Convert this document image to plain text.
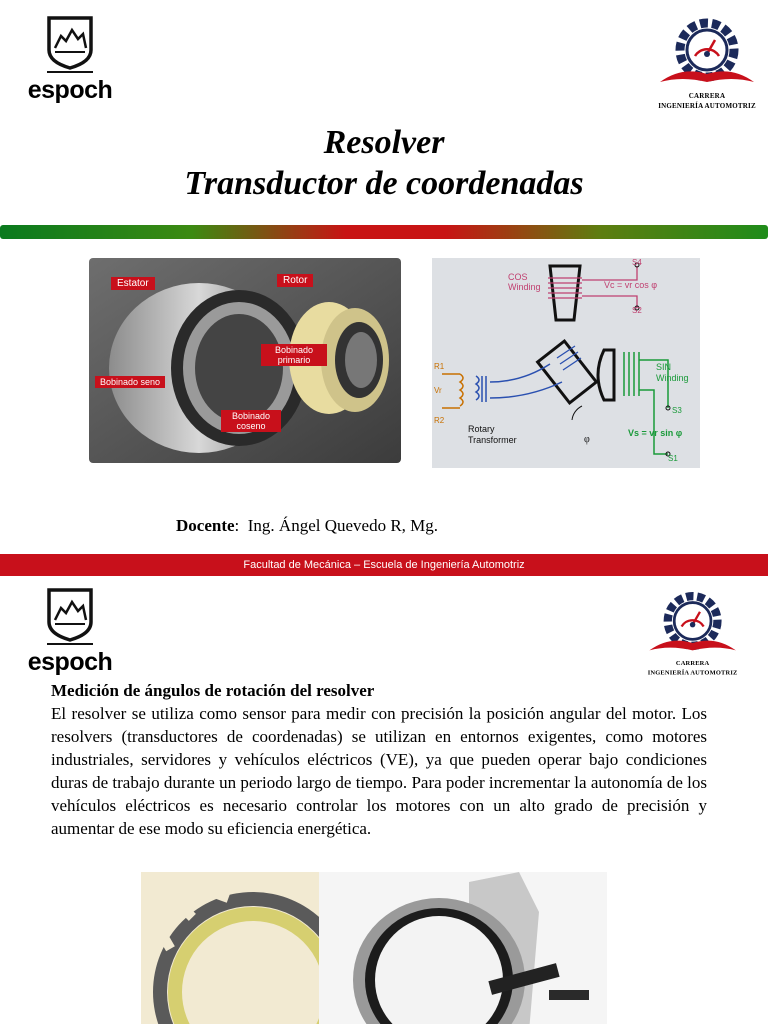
espoch	CARRERA
INGENIERÍA AUTOMOTRIZ
Resolver
Transductor de coordenadas
Estator	Rotor
Bobinado primario
Bobinado seno
Bobinado coseno
S4
COS Winding	Vc = vr cos φ
S2
R1
Vr
R2
SIN Winding
S3
Vs = vr sin φ
S1
Rotary Transformer	φ
Docente:  Ing. Ángel Quevedo R, Mg.
Facultad de Mecánica – Escuela de Ingeniería Automotriz
espoch	CARRERA
INGENIERÍA AUTOMOTRIZ
Medición de ángulos de rotación del resolver
El resolver se utiliza como sensor para medir con precisión la posición angular del motor. Los resolvers (transductores de coordenadas) se utilizan en entornos exigentes, como motores industriales, servidores y vehículos eléctricos (VE), ya que pueden operar bajo condiciones duras de trabajo durante un periodo largo de tiempo. Para poder incrementar la autonomía de los vehículos eléctricos es necesario controlar los motores con un alto grado de precisión y aumentar de ese modo su eficiencia energética.
